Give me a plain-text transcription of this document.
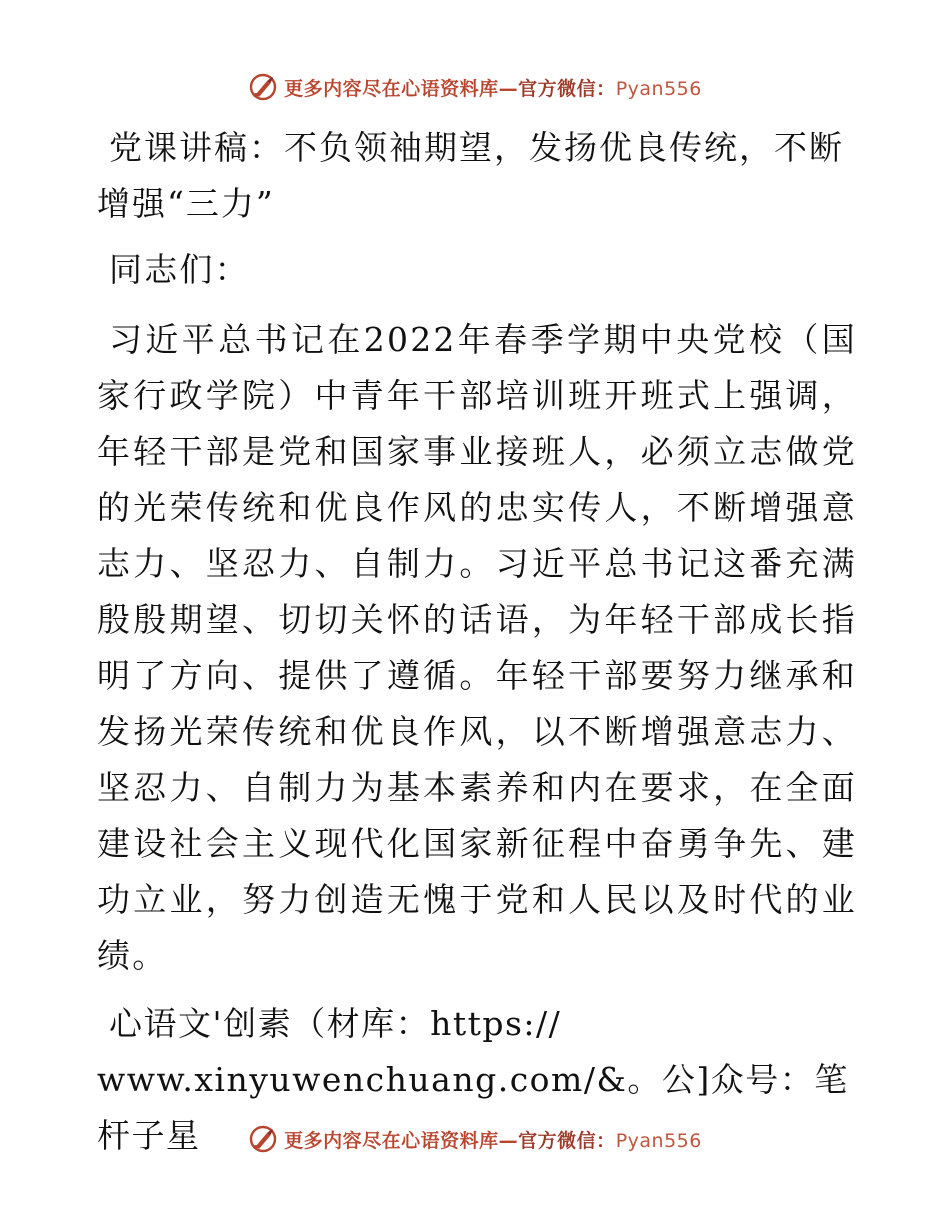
更多内容尽在心语资料库—官方微信：Pyan556

党课讲稿：不负领袖期望，发扬优良传统，不断增强“三力”

同志们：

习近平总书记在2022年春季学期中央党校（国家行政学院）中青年干部培训班开班式上强调，年轻干部是党和国家事业接班人，必须立志做党的光荣传统和优良作风的忠实传人，不断增强意志力、坚忍力、自制力。习近平总书记这番充满殷殷期望、切切关怀的话语，为年轻干部成长指明了方向、提供了遵循。年轻干部要努力继承和发扬光荣传统和优良作风，以不断增强意志力、坚忍力、自制力为基本素养和内在要求，在全面建设社会主义现代化国家新征程中奋勇争先、建功立业，努力创造无愧于党和人民以及时代的业绩。

心语文'创素（材库：https://
www.xinyuwenchuang.com/&。公]众号：笔杆子星	更多内容尽在心语资料库—官方微信：Pyan556
